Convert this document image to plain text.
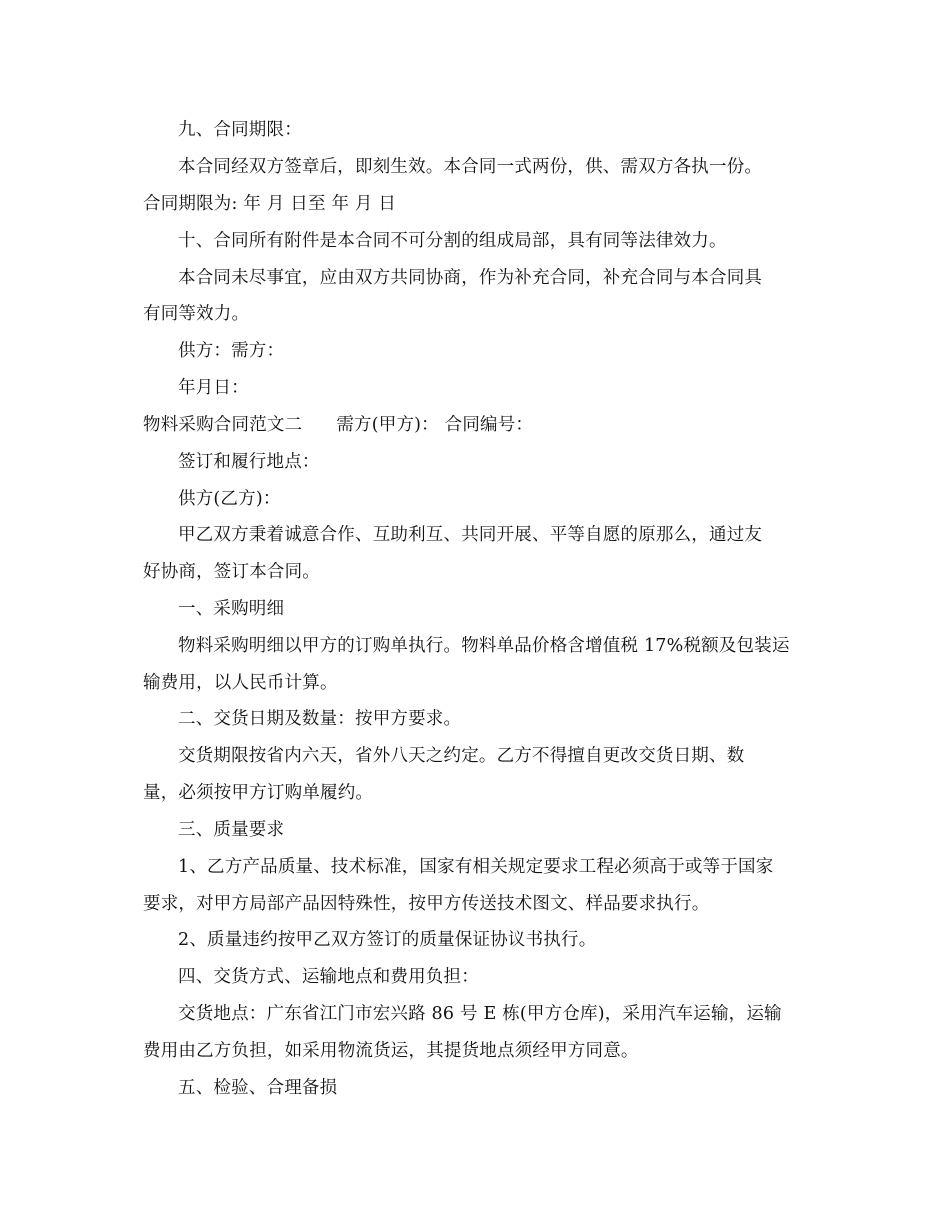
九、合同期限：
本合同经双方签章后，即刻生效。本合同一式两份，供、需双方各执一份。
合同期限为: 年 月 日至 年 月 日
十、合同所有附件是本合同不可分割的组成局部，具有同等法律效力。
本合同未尽事宜，应由双方共同协商，作为补充合同，补充合同与本合同具
有同等效力。
供方：需方：
年月日：
物料采购合同范文二 需方(甲方)： 合同编号：
签订和履行地点：
供方(乙方)：
甲乙双方秉着诚意合作、互助利互、共同开展、平等自愿的原那么，通过友
好协商，签订本合同。
一、采购明细
物料采购明细以甲方的订购单执行。物料单品价格含增值税 17%税额及包装运
输费用，以人民币计算。
二、交货日期及数量：按甲方要求。
交货期限按省内六天，省外八天之约定。乙方不得擅自更改交货日期、数
量，必须按甲方订购单履约。
三、质量要求
1、乙方产品质量、技术标准，国家有相关规定要求工程必须高于或等于国家
要求，对甲方局部产品因特殊性，按甲方传送技术图文、样品要求执行。
2、质量违约按甲乙双方签订的质量保证协议书执行。
四、交货方式、运输地点和费用负担：
交货地点：广东省江门市宏兴路 86 号 E 栋(甲方仓库)，采用汽车运输，运输
费用由乙方负担，如采用物流货运，其提货地点须经甲方同意。
五、检验、合理备损
